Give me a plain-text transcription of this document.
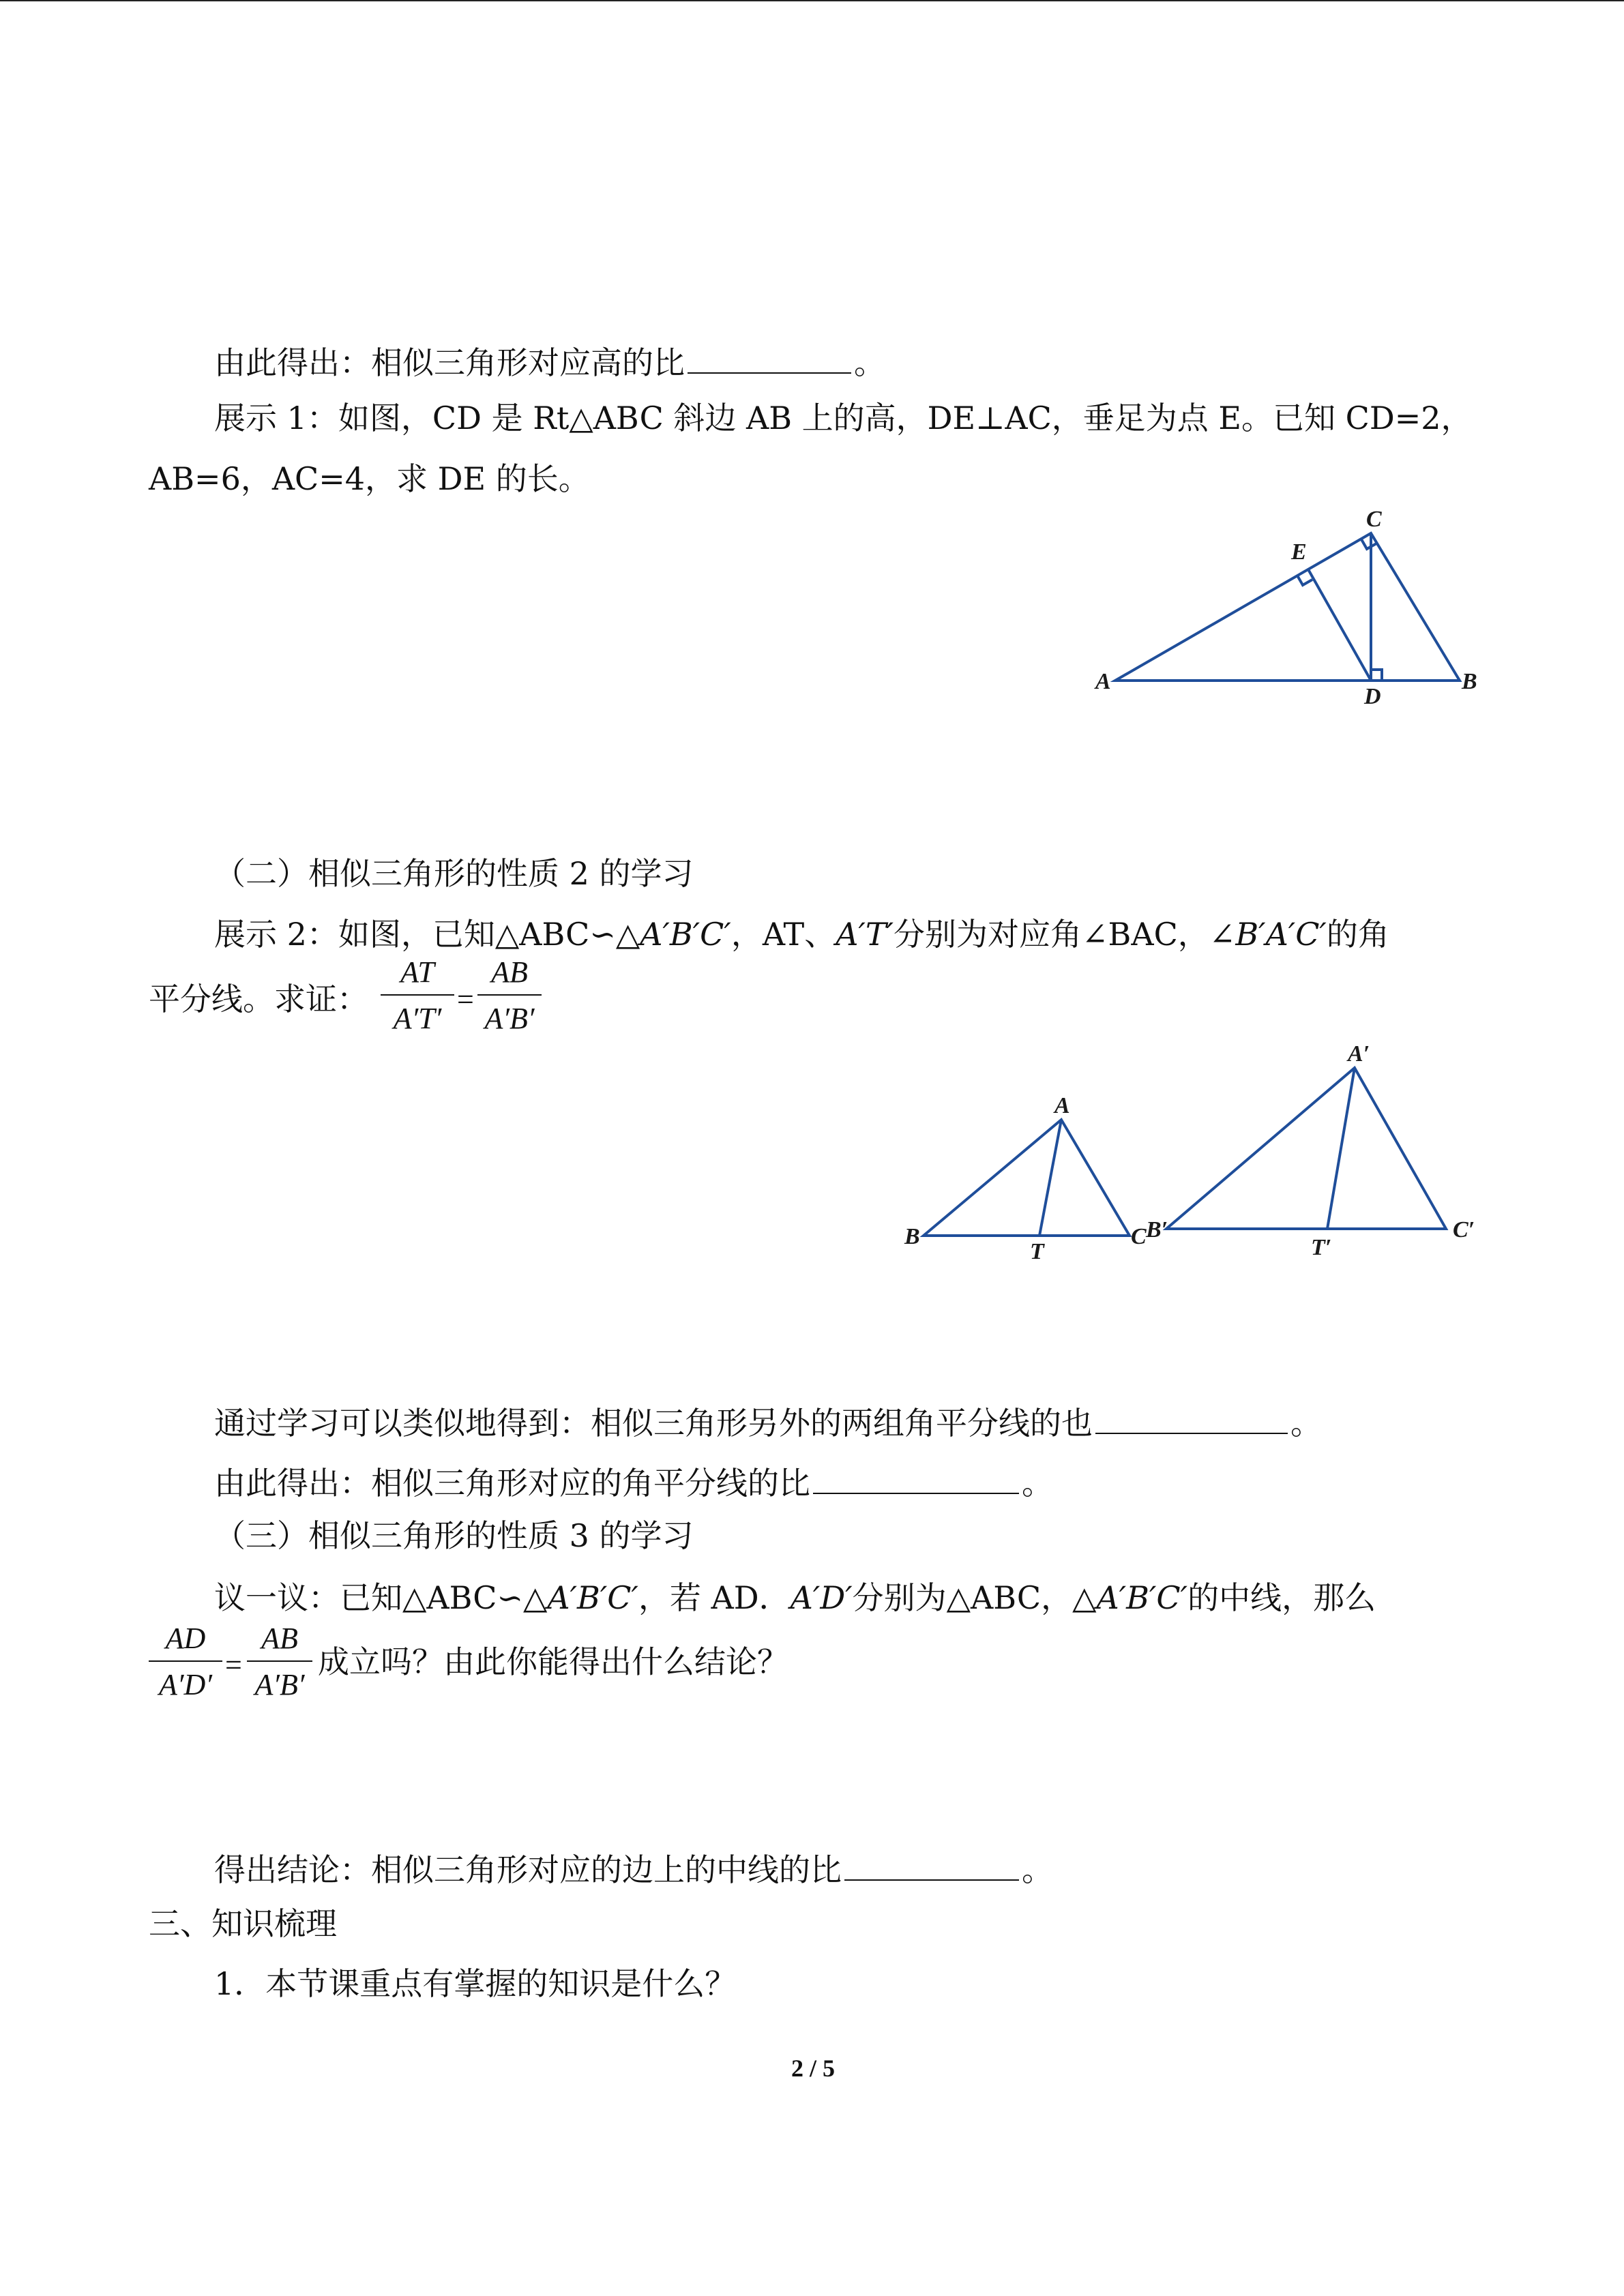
由此得出：相似三角形对应高的比	。
展示 1：如图，CD 是 Rt△ABC 斜边 AB 上的高，DE⊥AC，垂足为点 E。已知 CD=2，
AB=6，AC=4，求 DE 的长。
A	B
C
D
E
（二）相似三角形的性质 2 的学习
展示 2：如图，已知△ABC∽△A′B′C′，AT、A′T′分别为对应角∠BAC，∠B′A′C′的角
平分线。求证：
AT
A′T′
=
AB
A′B′
B
A
C
T
A′
B′	C′
T′
通过学习可以类似地得到：相似三角形另外的两组角平分线的也	。
由此得出：相似三角形对应的角平分线的比	。
（三）相似三角形的性质 3 的学习
议一议：已知△ABC∽△A′B′C′，若 AD．A′D′分别为△ABC，△A′B′C′的中线，那么
AD
A′D′
=
AB
A′B′
成立吗？由此你能得出什么结论？
得出结论：相似三角形对应的边上的中线的比	。
三、知识梳理
1．本节课重点有掌握的知识是什么？
2 / 5
